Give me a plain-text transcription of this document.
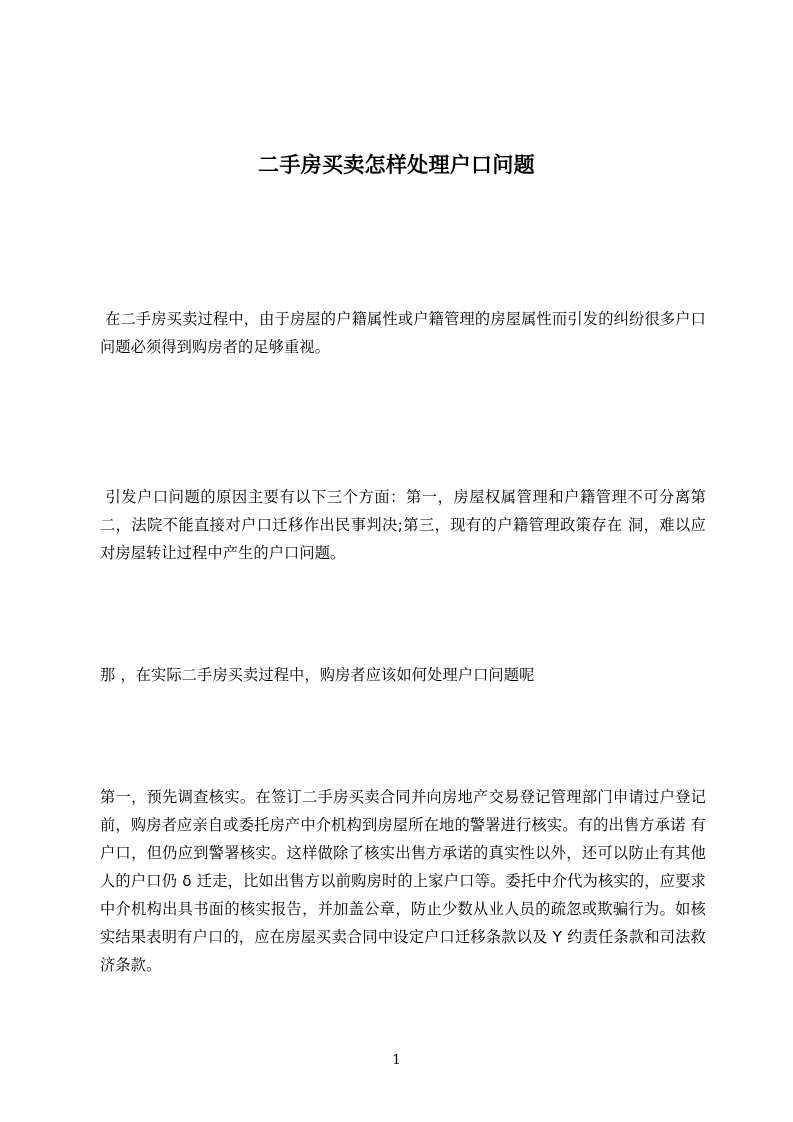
二手房买卖怎样处理户口问题

在二手房买卖过程中，由于房屋的户籍属性或户籍管理的房屋属性而引发的纠纷很多户口问题必须得到购房者的足够重视。

引发户口问题的原因主要有以下三个方面：第一，房屋权属管理和户籍管理不可分离第二，法院不能直接对户口迁移作出民事判决;第三，现有的户籍管理政策存在 洞，难以应对房屋转让过程中产生的户口问题。

那 ，在实际二手房买卖过程中，购房者应该如何处理户口问题呢

第一，预先调查核实。在签订二手房买卖合同并向房地产交易登记管理部门申请过户登记前，购房者应亲自或委托房产中介机构到房屋所在地的警署进行核实。有的出售方承诺 有户口，但仍应到警署核实。这样做除了核实出售方承诺的真实性以外，还可以防止有其他人的户口仍 δ 迁走，比如出售方以前购房时的上家户口等。委托中介代为核实的，应要求中介机构出具书面的核实报告，并加盖公章，防止少数从业人员的疏忽或欺骗行为。如核实结果表明有户口的，应在房屋买卖合同中设定户口迁移条款以及 Υ 约责任条款和司法救济条款。

1
